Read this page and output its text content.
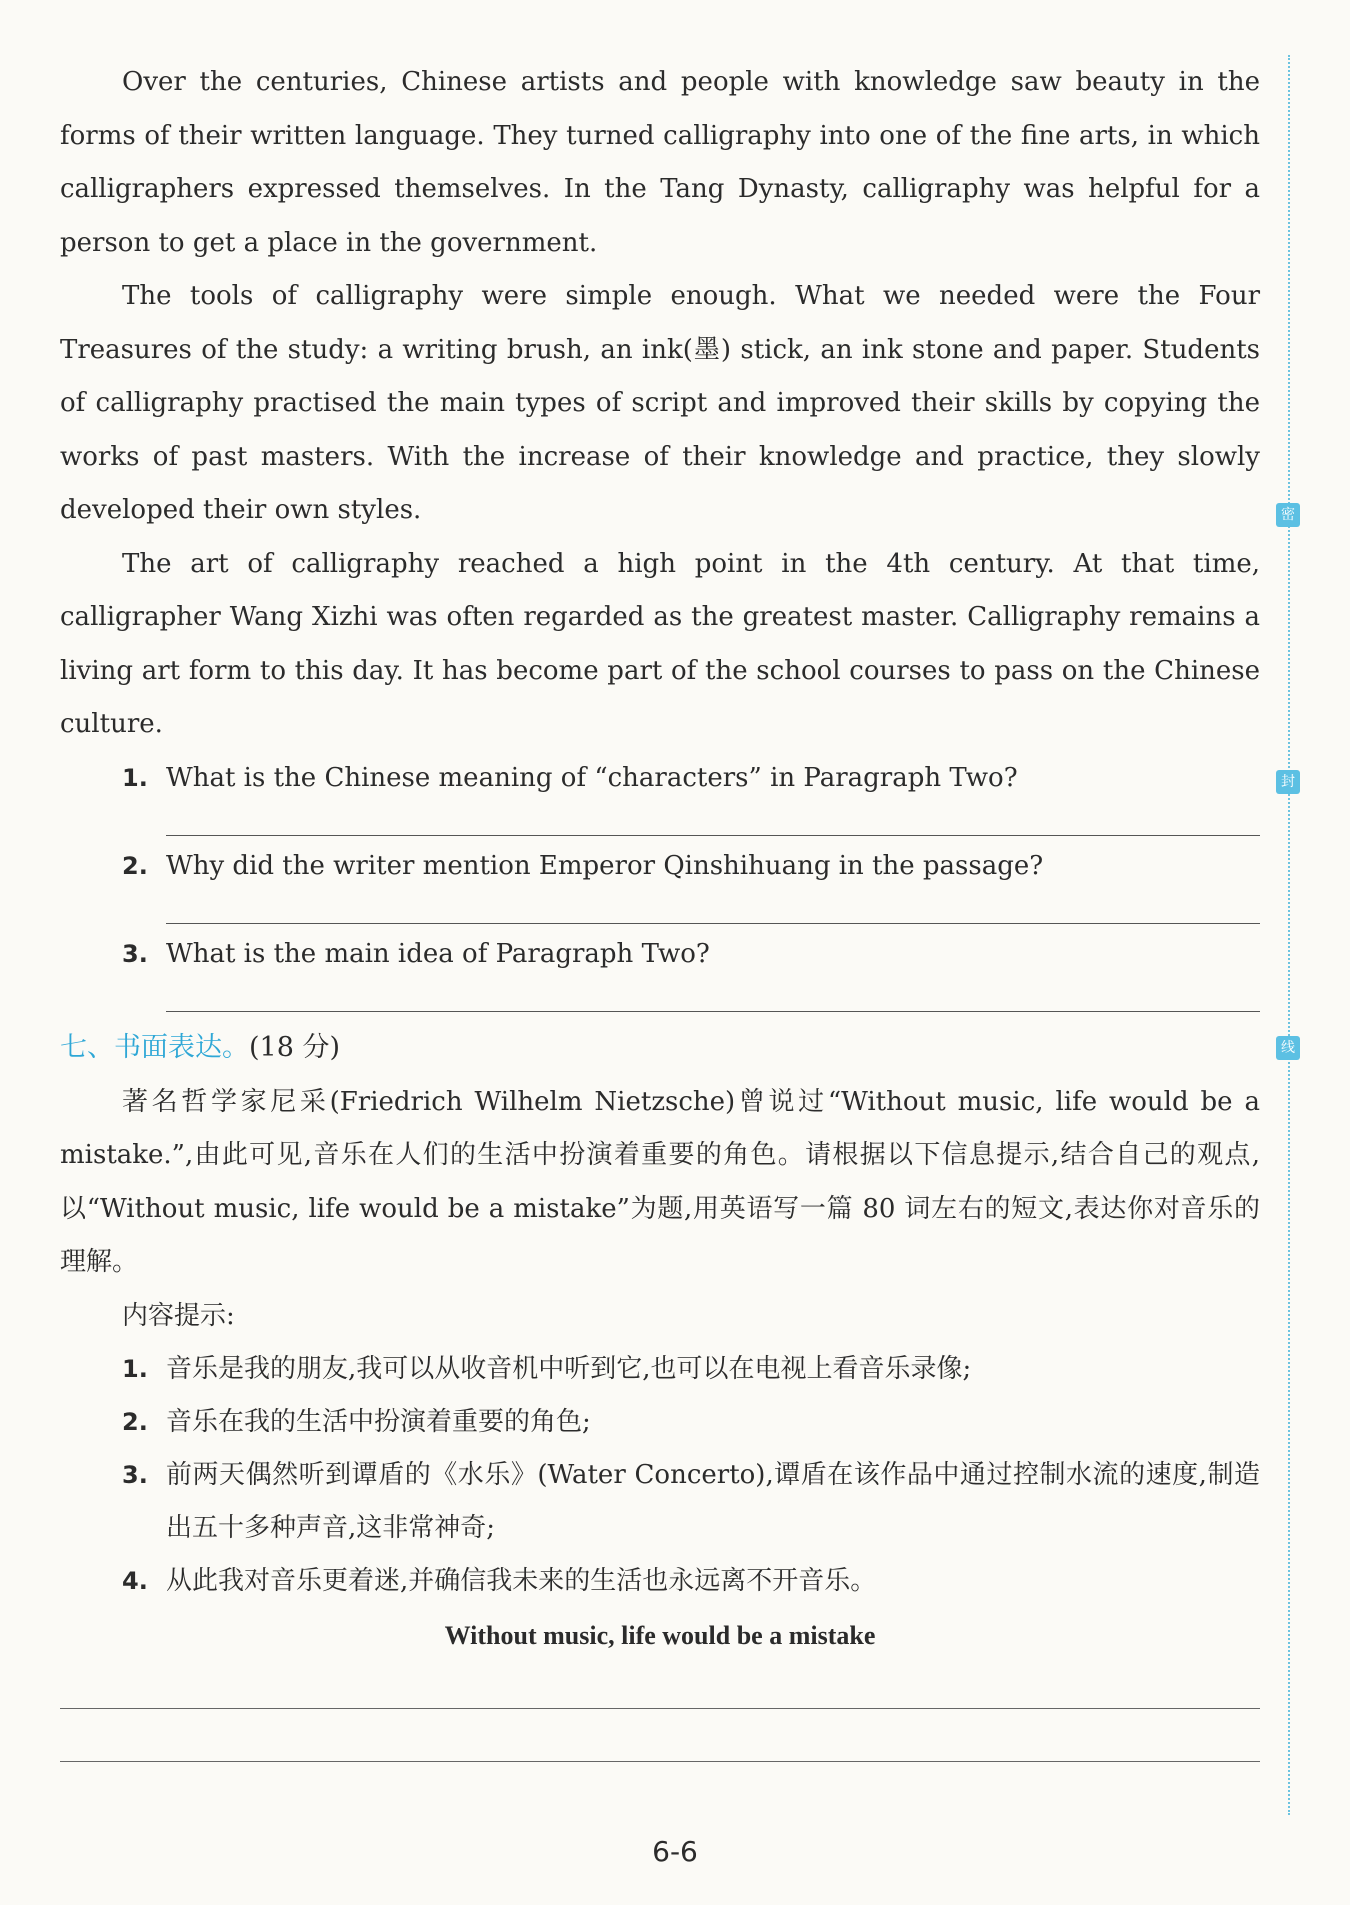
密
封
线

Over the centuries, Chinese artists and people with knowledge saw beauty in the forms of their written language. They turned calligraphy into one of the fine arts, in which calligraphers expressed themselves. In the Tang Dynasty, calligraphy was helpful for a person to get a place in the government.

The tools of calligraphy were simple enough. What we needed were the Four Treasures of the study: a writing brush, an ink(墨) stick, an ink stone and paper. Students of calligraphy practised the main types of script and improved their skills by copying the works of past masters. With the increase of their knowledge and practice, they slowly developed their own styles.

The art of calligraphy reached a high point in the 4th century. At that time, calligrapher Wang Xizhi was often regarded as the greatest master. Calligraphy remains a living art form to this day. It has become part of the school courses to pass on the Chinese culture.

1. What is the Chinese meaning of “characters” in Paragraph Two?

2. Why did the writer mention Emperor Qinshihuang in the passage?

3. What is the main idea of Paragraph Two?

七、书面表达。(18 分)

著名哲学家尼采(Friedrich Wilhelm Nietzsche)曾说过“Without music, life would be a mistake.”,由此可见,音乐在人们的生活中扮演着重要的角色。请根据以下信息提示,结合自己的观点,以“Without music, life would be a mistake”为题,用英语写一篇 80 词左右的短文,表达你对音乐的理解。

内容提示:

1. 音乐是我的朋友,我可以从收音机中听到它,也可以在电视上看音乐录像;

2. 音乐在我的生活中扮演着重要的角色;

3. 前两天偶然听到谭盾的《水乐》(Water Concerto),谭盾在该作品中通过控制水流的速度,制造出五十多种声音,这非常神奇;

4. 从此我对音乐更着迷,并确信我未来的生活也永远离不开音乐。

Without music, life would be a mistake

6-6
